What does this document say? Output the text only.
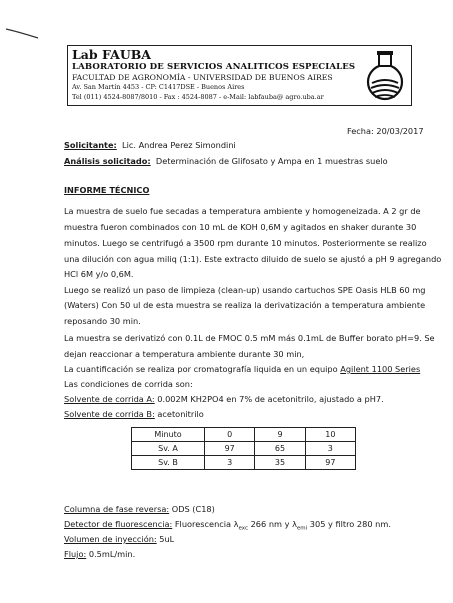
Lab FAUBA
LABORATORIO DE SERVICIOS ANALITICOS ESPECIALES
FACULTAD DE AGRONOMÍA - UNIVERSIDAD DE BUENOS AIRES
Av. San Martín 4453 - CP: C1417DSE - Buenos Aires
Tel (011) 4524-8087/8010 - Fax : 4524-8087 - e-Mail: labfauba@ agro.uba.ar
Fecha: 20/03/2017
Solicitante: Lic. Andrea Perez Simondini
Análisis solicitado: Determinación de Glifosato y Ampa en 1 muestras suelo
INFORME TÉCNICO
La muestra de suelo fue secadas a temperatura ambiente y homogeneizada. A 2 gr de
muestra fueron combinados con 10 mL de KOH 0,6M y agitados en shaker durante 30
minutos. Luego se centrifugó a 3500 rpm durante 10 minutos. Posteriormente se realizo
una dilución con agua miliq (1:1). Este extracto diluido de suelo se ajustó a pH 9 agregando
HCl 6M y/o 0,6M.
Luego se realizó un paso de limpieza (clean-up) usando cartuchos SPE Oasis HLB 60 mg
(Waters) Con 50 ul de esta muestra se realiza la derivatización a temperatura ambiente
reposando 30 min.
La muestra se derivatizó con 0.1L de FMOC 0.5 mM más 0.1mL de Buffer borato pH=9. Se
dejan reaccionar a temperatura ambiente durante 30 min,
La cuantificación se realiza por cromatografía liquida en un equipo Agilent 1100 Series
Las condiciones de corrida son:
Solvente de corrida A: 0.002M KH2PO4 en 7% de acetonitrilo, ajustado a pH7.
Solvente de corrida B: acetonitrilo
Minuto	0	9	10
Sv. A	97	65	3
Sv. B	3	35	97
Columna de fase reversa: ODS (C18)
Detector de fluorescencia: Fluorescencia $\lambda_{exc}$ 266 nm y $\lambda_{emi}$ 305 y filtro 280 nm.
Volumen de inyección: 5uL
Flujo: 0.5mL/min.
